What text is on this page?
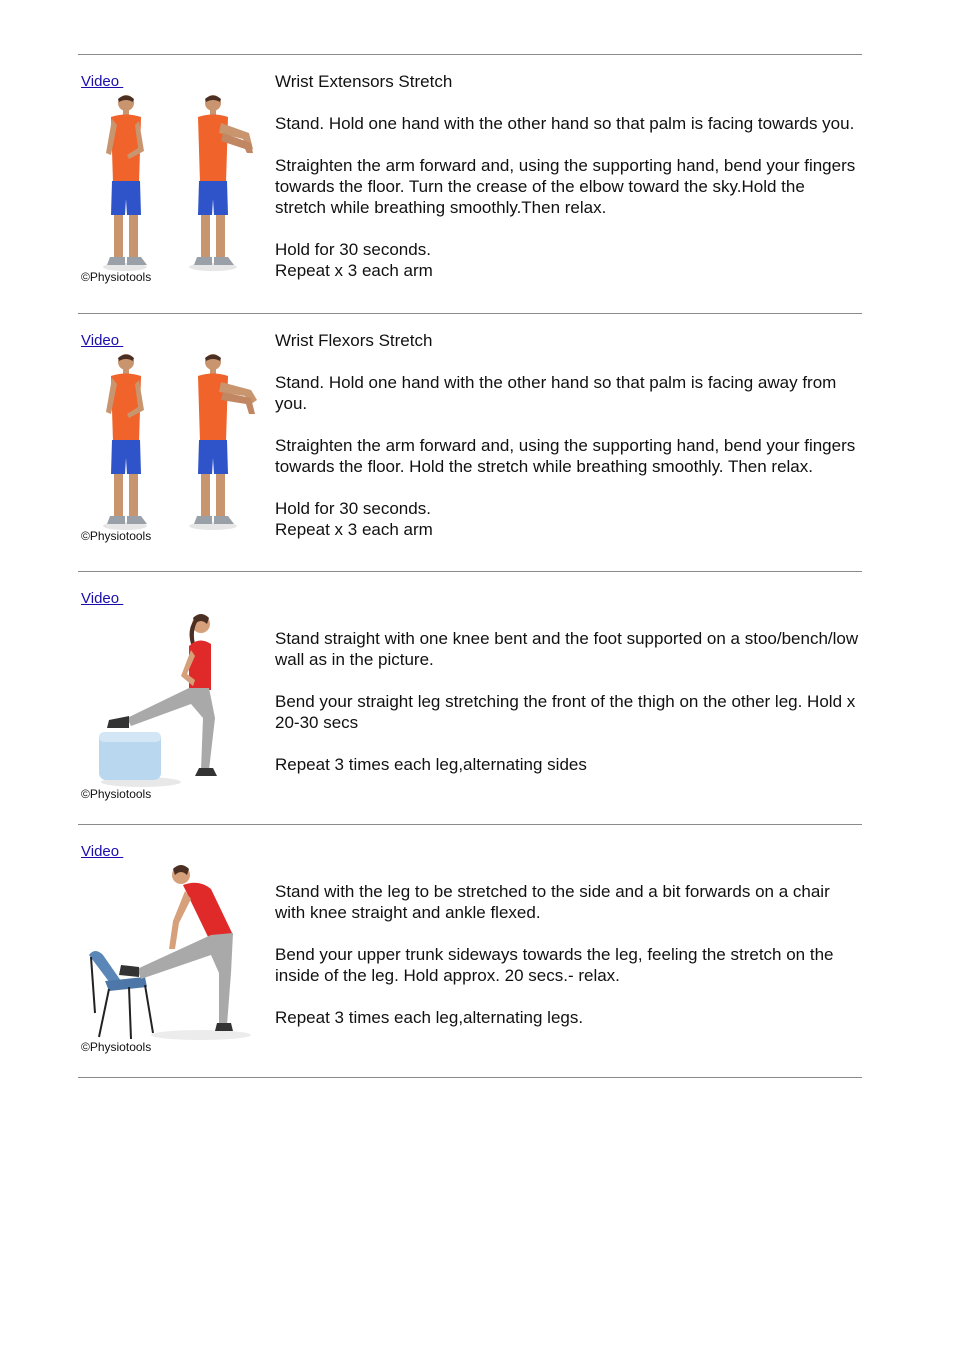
Video
©Physiotools

Wrist Extensors Stretch

Stand. Hold one hand with the other hand so that palm is facing towards you.

Straighten the arm forward and, using the supporting hand, bend your fingers towards the floor. Turn the crease of the elbow toward the sky.Hold the stretch while breathing smoothly.Then relax.

Hold for 30 seconds.
Repeat x 3 each arm

Video
©Physiotools

Wrist Flexors Stretch

Stand. Hold one hand with the other hand so that palm is facing away from you.

Straighten the arm forward and, using the supporting hand, bend your fingers towards the floor. Hold the stretch while breathing smoothly. Then relax.

Hold for 30 seconds.
Repeat x 3 each arm

Video
©Physiotools

Stand straight with one knee bent and the foot supported on a stoo/bench/low wall as in the picture.

Bend your straight leg stretching the front of the thigh on the other leg. Hold x 20-30 secs

Repeat 3 times each leg,alternating sides

Video
©Physiotools

Stand with the leg to be stretched to the side and a bit forwards on a chair with knee straight and ankle flexed.

Bend your upper trunk sideways towards the leg, feeling the stretch on the inside of the leg. Hold approx. 20 secs.- relax.

Repeat 3 times each leg,alternating legs.
